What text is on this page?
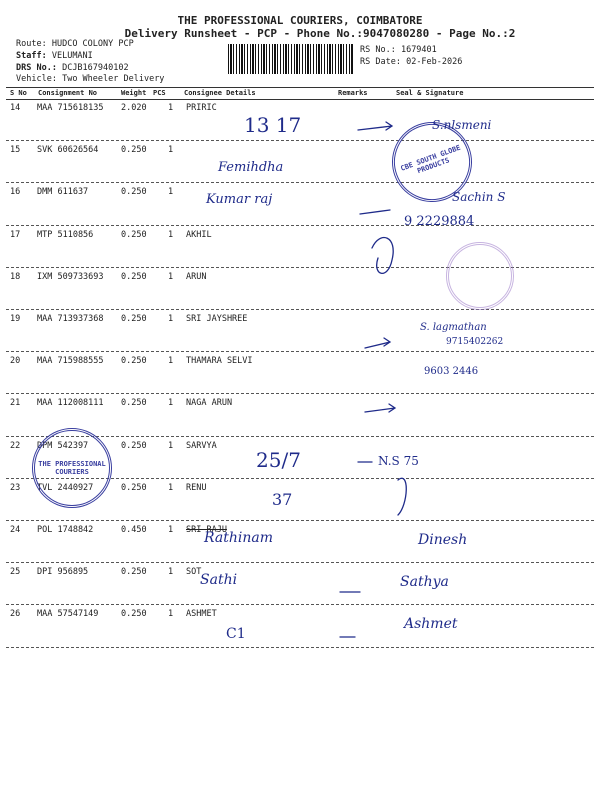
THE PROFESSIONAL COURIERS, COIMBATORE
Delivery Runsheet - PCP - Phone No.:9047080280 - Page No.:2
Route: HUDCO COLONY PCP
Staff: VELUMANI
DRS No.: DCJB167940102
Vehicle: Two Wheeler Delivery
RS No.: 1679401
RS Date: 02-Feb-2026
S No Consignment No	Weight PCS	Consignee Details	Remarks	Seal & Signature
14 MAA 715618135 2.020	1 PRIRIC
15 SVK 60626564	0.250	1
16 DMM 611637	0.250	1
17 MTP 5110856	0.250	1 AKHIL
18 IXM 509733693 0.250	1 ARUN
19 MAA 713937368 0.250	1 SRI JAYSHREE
20 MAA 715988555 0.250	1 THAMARA SELVI
21 MAA 112008111 0.250	1 NAGA ARUN
22 DPM 542397	0.250	1 SARVYA
23 TVL 2440927	0.250	1 RENU
24 POL 1748842	0.450	1 SRI RAJU
25 DPI 956895	0.250	1 SOT
26 MAA 57547149	0.250	1 ASHMET
CBE SOUTH GLOBE PRODUCTS
THE PROFESSIONAL COURIERS
13 17	S.nlsmeni
Femihdha
Kumar raj	Sachin S
9 2229884
S. lagmathan
9715402262
9603 2446
25/7	N.S 75
37
Rathinam	Dinesh
Sathi	Sathya
C1
Ashmet
